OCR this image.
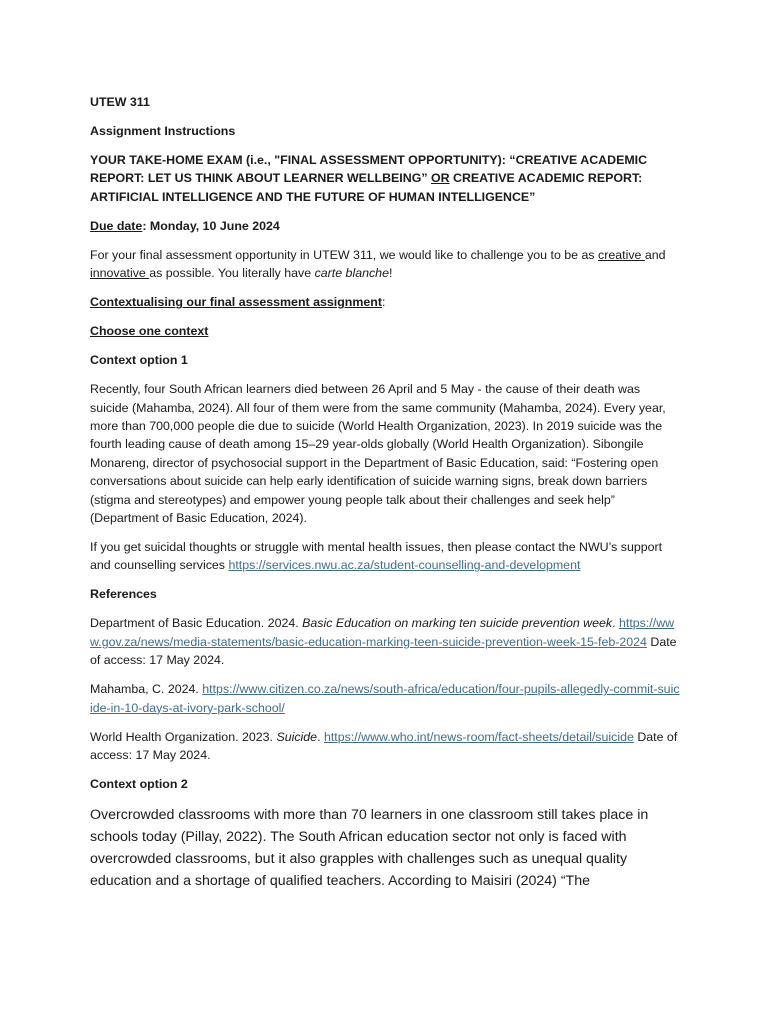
UTEW 311

Assignment Instructions

YOUR TAKE-HOME EXAM (i.e., "FINAL ASSESSMENT OPPORTUNITY): “CREATIVE ACADEMIC REPORT: LET US THINK ABOUT LEARNER WELLBEING” OR CREATIVE ACADEMIC REPORT: ARTIFICIAL INTELLIGENCE AND THE FUTURE OF HUMAN INTELLIGENCE”

Due date: Monday, 10 June 2024

For your final assessment opportunity in UTEW 311, we would like to challenge you to be as creative and innovative as possible. You literally have carte blanche!

Contextualising our final assessment assignment:

Choose one context

Context option 1

Recently, four South African learners died between 26 April and 5 May - the cause of their death was suicide (Mahamba, 2024). All four of them were from the same community (Mahamba, 2024). Every year, more than 700,000 people die due to suicide (World Health Organization, 2023). In 2019 suicide was the fourth leading cause of death among 15–29 year-olds globally (World Health Organization). Sibongile Monareng, director of psychosocial support in the Department of Basic Education, said: “Fostering open conversations about suicide can help early identification of suicide warning signs, break down barriers (stigma and stereotypes) and empower young people talk about their challenges and seek help” (Department of Basic Education, 2024).

If you get suicidal thoughts or struggle with mental health issues, then please contact the NWU’s support and counselling services https://services.nwu.ac.za/student-counselling-and-development

References

Department of Basic Education. 2024. Basic Education on marking ten suicide prevention week. https://www.gov.za/news/media-statements/basic-education-marking-teen-suicide-prevention-week-15-feb-2024 Date of access: 17 May 2024.

Mahamba, C. 2024. https://www.citizen.co.za/news/south-africa/education/four-pupils-allegedly-commit-suicide-in-10-days-at-ivory-park-school/

World Health Organization. 2023. Suicide. https://www.who.int/news-room/fact-sheets/detail/suicide Date of access: 17 May 2024.

Context option 2

Overcrowded classrooms with more than 70 learners in one classroom still takes place in schools today (Pillay, 2022). The South African education sector not only is faced with overcrowded classrooms, but it also grapples with challenges such as unequal quality education and a shortage of qualified teachers. According to Maisiri (2024) “The
